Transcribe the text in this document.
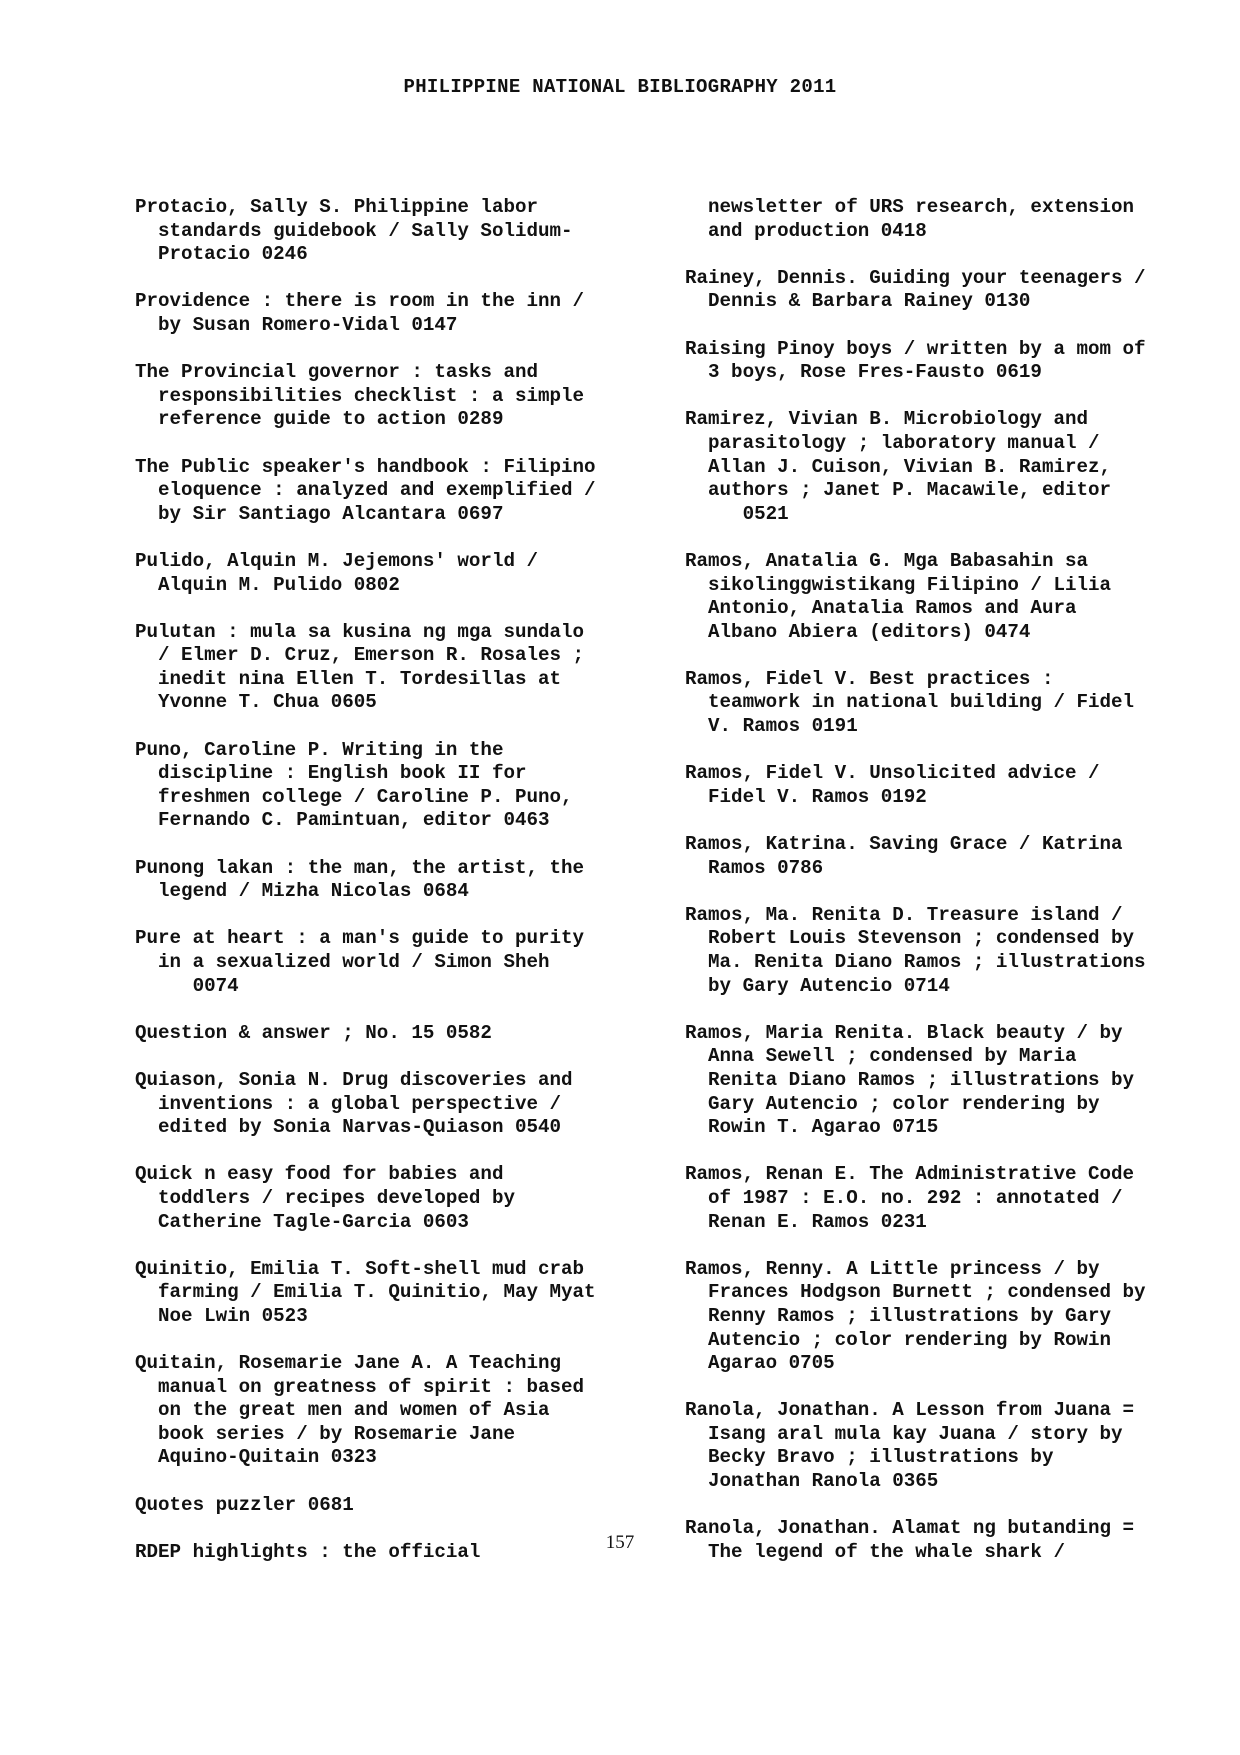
PHILIPPINE NATIONAL BIBLIOGRAPHY 2011
Protacio, Sally S. Philippine labor
standards guidebook / Sally Solidum-
Protacio 0246
Providence : there is room in the inn /
by Susan Romero-Vidal 0147
The Provincial governor : tasks and
responsibilities checklist : a simple
reference guide to action 0289
The Public speaker's handbook : Filipino
eloquence : analyzed and exemplified /
by Sir Santiago Alcantara 0697
Pulido, Alquin M. Jejemons' world /
Alquin M. Pulido 0802
Pulutan : mula sa kusina ng mga sundalo
/ Elmer D. Cruz, Emerson R. Rosales ;
inedit nina Ellen T. Tordesillas at
Yvonne T. Chua 0605
Puno, Caroline P. Writing in the
discipline : English book II for
freshmen college / Caroline P. Puno,
Fernando C. Pamintuan, editor 0463
Punong lakan : the man, the artist, the
legend / Mizha Nicolas 0684
Pure at heart : a man's guide to purity
in a sexualized world / Simon Sheh
0074
Question & answer ; No. 15 0582
Quiason, Sonia N. Drug discoveries and
inventions : a global perspective /
edited by Sonia Narvas-Quiason 0540
Quick n easy food for babies and
toddlers / recipes developed by
Catherine Tagle-Garcia 0603
Quinitio, Emilia T. Soft-shell mud crab
farming / Emilia T. Quinitio, May Myat
Noe Lwin 0523
Quitain, Rosemarie Jane A. A Teaching
manual on greatness of spirit : based
on the great men and women of Asia
book series / by Rosemarie Jane
Aquino-Quitain 0323
Quotes puzzler 0681
RDEP highlights : the official
newsletter of URS research, extension
and production 0418
Rainey, Dennis. Guiding your teenagers /
Dennis & Barbara Rainey 0130
Raising Pinoy boys / written by a mom of
3 boys, Rose Fres-Fausto 0619
Ramirez, Vivian B. Microbiology and
parasitology ; laboratory manual /
Allan J. Cuison, Vivian B. Ramirez,
authors ; Janet P. Macawile, editor
0521
Ramos, Anatalia G. Mga Babasahin sa
sikolinggwistikang Filipino / Lilia
Antonio, Anatalia Ramos and Aura
Albano Abiera (editors) 0474
Ramos, Fidel V. Best practices :
teamwork in national building / Fidel
V. Ramos 0191
Ramos, Fidel V. Unsolicited advice /
Fidel V. Ramos 0192
Ramos, Katrina. Saving Grace / Katrina
Ramos 0786
Ramos, Ma. Renita D. Treasure island /
Robert Louis Stevenson ; condensed by
Ma. Renita Diano Ramos ; illustrations
by Gary Autencio 0714
Ramos, Maria Renita. Black beauty / by
Anna Sewell ; condensed by Maria
Renita Diano Ramos ; illustrations by
Gary Autencio ; color rendering by
Rowin T. Agarao 0715
Ramos, Renan E. The Administrative Code
of 1987 : E.O. no. 292 : annotated /
Renan E. Ramos 0231
Ramos, Renny. A Little princess / by
Frances Hodgson Burnett ; condensed by
Renny Ramos ; illustrations by Gary
Autencio ; color rendering by Rowin
Agarao 0705
Ranola, Jonathan. A Lesson from Juana =
Isang aral mula kay Juana / story by
Becky Bravo ; illustrations by
Jonathan Ranola 0365
Ranola, Jonathan. Alamat ng butanding =
The legend of the whale shark /
157
